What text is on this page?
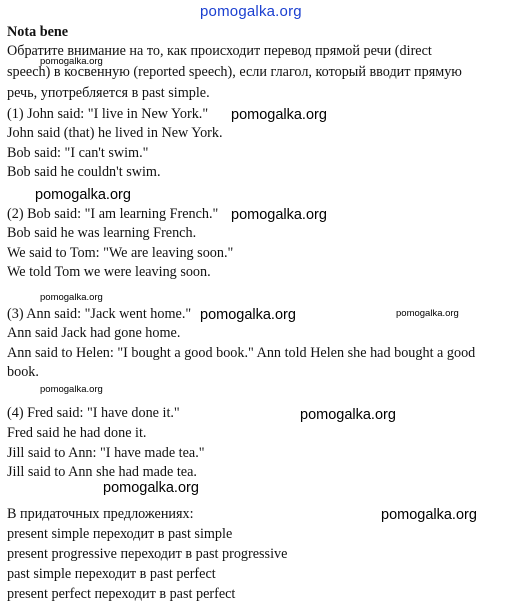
Nota bene
Обратите внимание на то, как происходит перевод прямой речи (direct
speech) в косвенную (reported speech), если глагол, который вводит прямую
речь, употребляется в past simple.
(1) John said: "I live in New York."
John said (that) he lived in New York.
Bob said: "I can't swim."
Bob said he couldn't swim.
(2) Bob said: "I am learning French."
Bob said he was learning French.
We said to Tom: "We are leaving soon."
We told Tom we were leaving soon.
(3) Ann said: "Jack went home."
Ann said Jack had gone home.
Ann said to Helen: "I bought a good book." Ann told Helen she had bought a good
book.
(4) Fred said: "I have done it."
Fred said he had done it.
Jill said to Ann: "I have made tea."
Jill said to Ann she had made tea.
В придаточных предложениях:
present simple переходит в past simple
present progressive переходит в past progressive
past simple переходит в past perfect
present perfect переходит в past perfect
pomogalka.org
pomogalka.org
pomogalka.org
pomogalka.org
pomogalka.org
pomogalka.org
pomogalka.org	pomogalka.org
pomogalka.org
pomogalka.org
pomogalka.org
pomogalka.org
